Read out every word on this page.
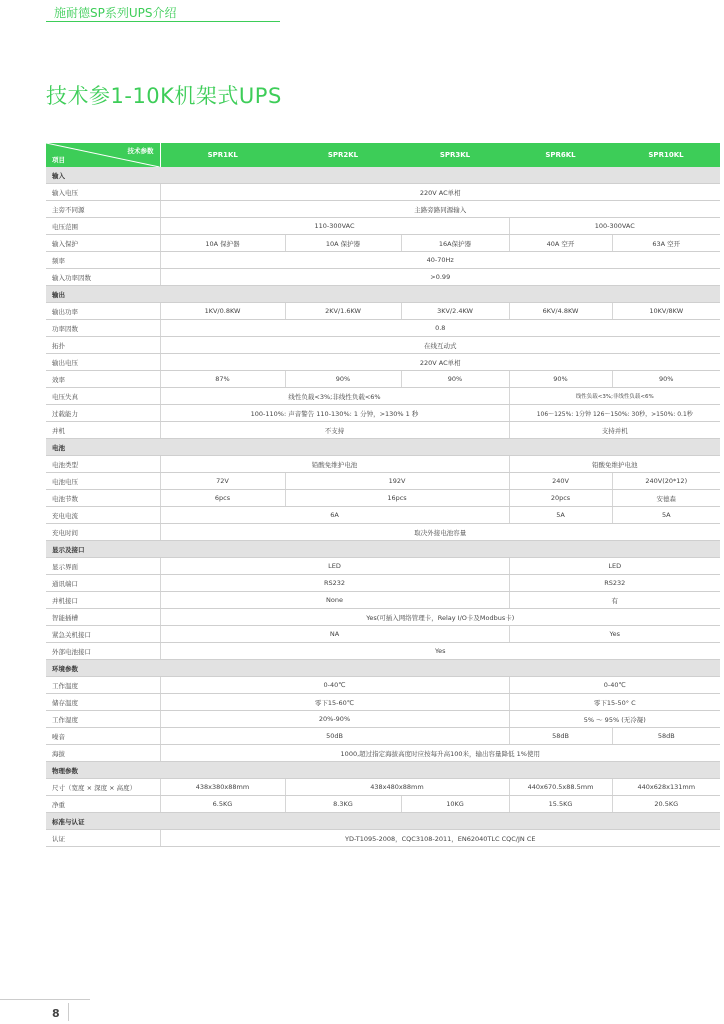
施耐德SP系列UPS介绍
技术参1-10K机架式UPS
技术参数
项目	SPR1KL	SPR2KL	SPR3KL	SPR6KL	SPR10KL
输入					
输入电压	220V AC单相				
主旁不同源	主路旁路同源输入				
电压范围	110-300VAC			100-300VAC	
输入保护	10A 保护器	10A 保护器	16A保护器	40A 空开	63A 空开
频率	40-70Hz				
输入功率因数	>0.99				
输出					
输出功率	1KV/0.8KW	2KV/1.6KW	3KV/2.4KW	6KV/4.8KW	10KV/8KW
功率因数	0.8				
拓扑	在线互动式				
输出电压	220V AC单相				
效率	87%	90%	90%	90%	90%
电压失真	线性负载<3%;非线性负载<6%			线性负载<3%;非线性负载<6%	
过载能力	100-110%: 声音警告 110-130%: 1 分钟，>130% 1 秒			106～125%: 1分钟 126～150%: 30秒，>150%: 0.1秒	
并机	不支持			支持并机	
电池					
电池类型	铅酸免维护电池			铅酸免维护电池	
电池电压	72V	192V		240V	240V(20*12)
电池节数	6pcs	16pcs		20pcs	安德森
充电电流	6A			5A	5A
充电时间	取决外接电池容量				
显示及接口					
显示界面	LED			LED	
通讯端口	RS232			RS232	
并机接口	None			有	
智能插槽	Yes(可插入网络管理卡，Relay I/O卡及Modbus卡)				
紧急关机接口	NA			Yes	
外部电池接口	Yes				
环境参数					
工作温度	0-40℃			0-40℃	
储存温度	零下15-60℃			零下15-50° C	
工作湿度	20%-90%			5% ～ 95% (无冷凝)	
噪音	50dB			58dB	58dB
海拔	1000,超过指定海拔高度时应按每升高100米，输出容量降低 1%使用				
物理参数					
尺寸（宽度 × 深度 × 高度）	438x380x88mm	438x480x88mm		440x670.5x88.5mm	440x628x131mm
净重	6.5KG	8.3KG	10KG	15.5KG	20.5KG
标准与认证					
认证	YD-T1095-2008，CQC3108-2011，EN62040TLC CQC/JN CE				
8
